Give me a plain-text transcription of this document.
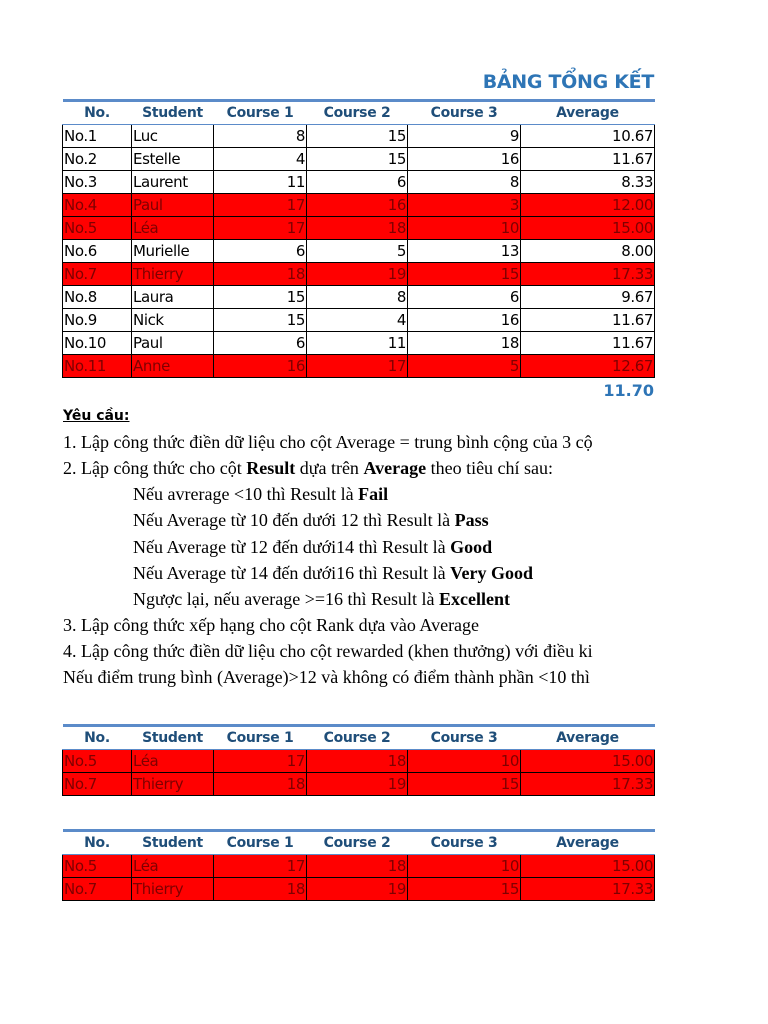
BẢNG TỔNG KẾT
No.	Student	Course 1	Course 2	Course 3	Average
No.1	Luc	8	15	9	10.67
No.2	Estelle	4	15	16	11.67
No.3	Laurent	11	6	8	8.33
No.4	Paul	17	16	3	12.00
No.5	Léa	17	18	10	15.00
No.6	Murielle	6	5	13	8.00
No.7	Thierry	18	19	15	17.33
No.8	Laura	15	8	6	9.67
No.9	Nick	15	4	16	11.67
No.10	Paul	6	11	18	11.67
No.11	Anne	16	17	5	12.67
11.70
Yêu cầu:
1. Lập công thức điền dữ liệu cho cột Average = trung bình cộng của 3 cộ
2. Lập công thức cho cột Result dựa trên Average theo tiêu chí sau:
Nếu avrerage <10 thì Result là Fail
Nếu Average từ 10 đến dưới 12 thì Result là Pass
Nếu Average từ 12 đến dưới14 thì Result là Good
Nếu Average từ 14 đến dưới16 thì Result là Very Good
Ngược lại, nếu average >=16 thì Result là Excellent
3. Lập công thức xếp hạng cho cột Rank dựa vào Average
4. Lập công thức điền dữ liệu cho cột rewarded (khen thưởng) với điều ki
Nếu điểm trung bình (Average)>12 và không có điểm thành phần <10 thì
No.	Student	Course 1	Course 2	Course 3	Average
No.5	Léa	17	18	10	15.00
No.7	Thierry	18	19	15	17.33
No.	Student	Course 1	Course 2	Course 3	Average
No.5	Léa	17	18	10	15.00
No.7	Thierry	18	19	15	17.33
